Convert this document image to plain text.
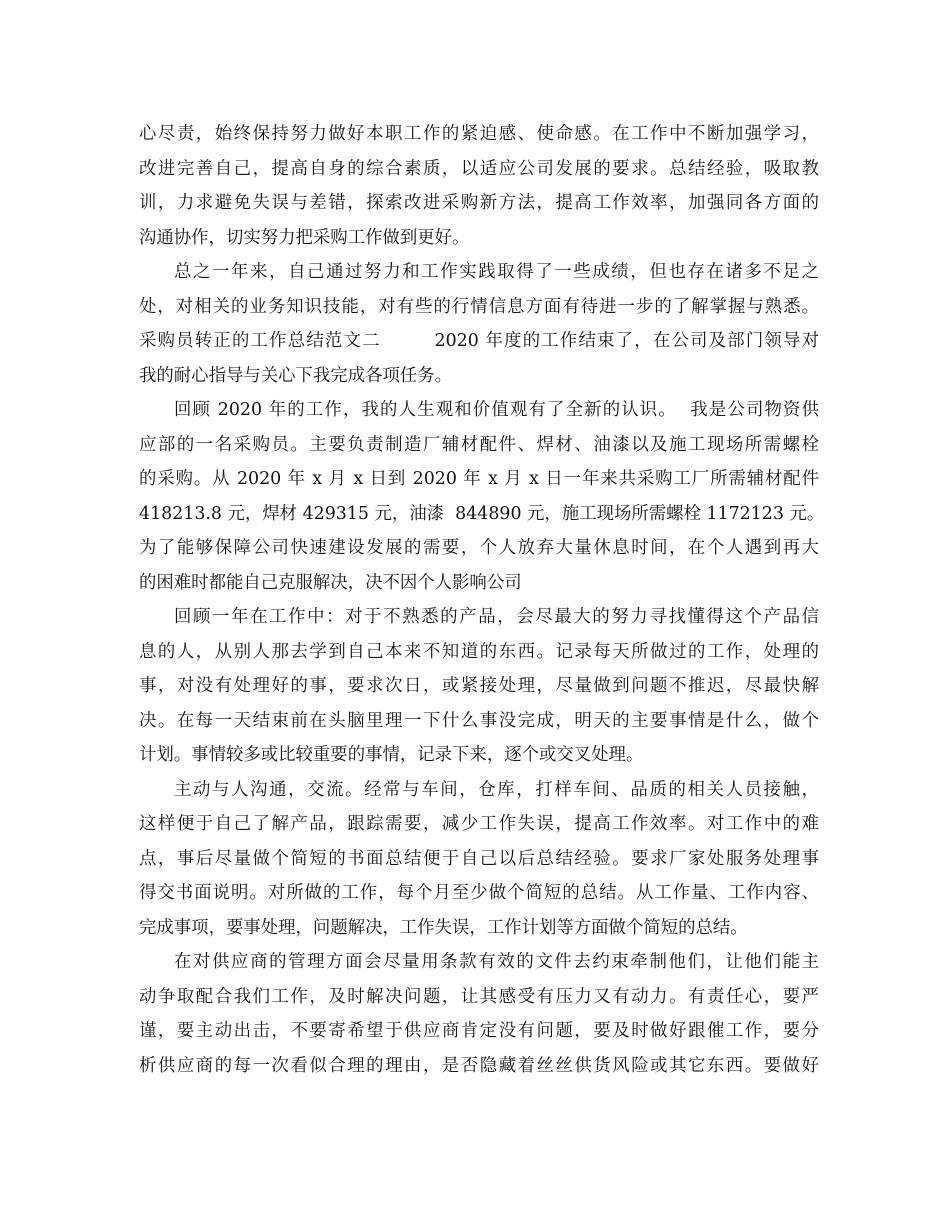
心尽责，始终保持努力做好本职工作的紧迫感、使命感。在工作中不断加强学习，
改进完善自己，提高自身的综合素质，以适应公司发展的要求。总结经验，吸取教
训，力求避免失误与差错，探索改进采购新方法，提高工作效率，加强同各方面的
沟通协作，切实努力把采购工作做到更好。
总之一年来，自己通过努力和工作实践取得了一些成绩，但也存在诸多不足之
处，对相关的业务知识技能，对有些的行情信息方面有待进一步的了解掌握与熟悉。
采购员转正的工作总结范文二        2020 年度的工作结束了，在公司及部门领导对
我的耐心指导与关心下我完成各项任务。
回顾 2020 年的工作，我的人生观和价值观有了全新的认识。  我是公司物资供
应部的一名采购员。主要负责制造厂辅材配件、焊材、油漆以及施工现场所需螺栓
的采购。从 2020 年 x 月 x 日到 2020 年 x 月 x 日一年来共采购工厂所需辅材配件
418213.8 元，焊材 429315 元，油漆  844890 元，施工现场所需螺栓 1172123 元。
为了能够保障公司快速建设发展的需要，个人放弃大量休息时间，在个人遇到再大
的困难时都能自己克服解决，决不因个人影响公司
回顾一年在工作中：对于不熟悉的产品，会尽最大的努力寻找懂得这个产品信
息的人，从别人那去学到自己本来不知道的东西。记录每天所做过的工作，处理的
事，对没有处理好的事，要求次日，或紧接处理，尽量做到问题不推迟，尽最快解
决。在每一天结束前在头脑里理一下什么事没完成，明天的主要事情是什么，做个
计划。事情较多或比较重要的事情，记录下来，逐个或交叉处理。
主动与人沟通，交流。经常与车间，仓库，打样车间、品质的相关人员接触，
这样便于自己了解产品，跟踪需要，减少工作失误，提高工作效率。对工作中的难
点，事后尽量做个简短的书面总结便于自己以后总结经验。要求厂家处服务处理事
得交书面说明。对所做的工作，每个月至少做个简短的总结。从工作量、工作内容、
完成事项，要事处理，问题解决，工作失误，工作计划等方面做个简短的总结。
在对供应商的管理方面会尽量用条款有效的文件去约束牵制他们，让他们能主
动争取配合我们工作，及时解决问题，让其感受有压力又有动力。有责任心，要严
谨，要主动出击，不要寄希望于供应商肯定没有问题，要及时做好跟催工作，要分
析供应商的每一次看似合理的理由，是否隐藏着丝丝供货风险或其它东西。要做好
